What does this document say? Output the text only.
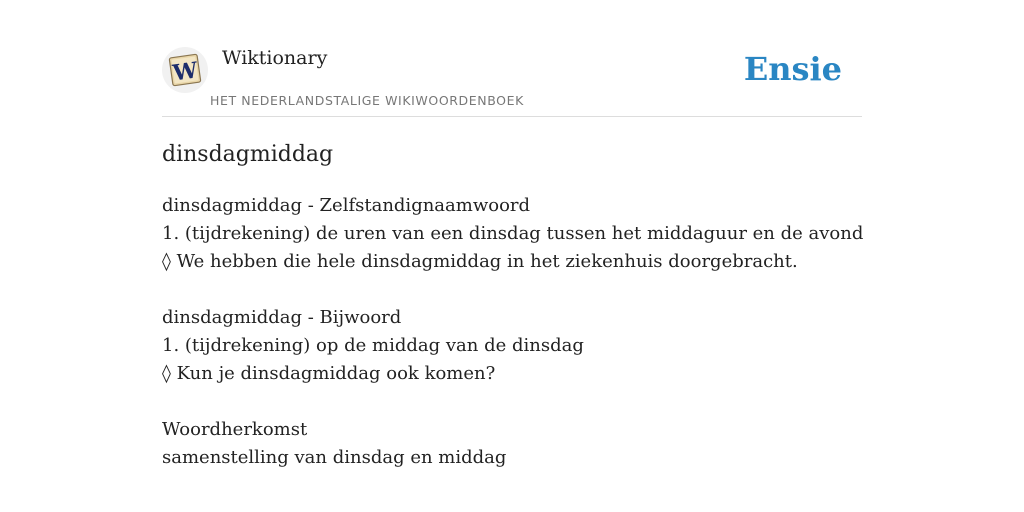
W Wiktionary
HET NEDERLANDSTALIGE WIKIWOORDENBOEK
Ensie
dinsdagmiddag
dinsdagmiddag - Zelfstandignaamwoord
1. (tijdrekening) de uren van een dinsdag tussen het middaguur en de avond
◊ We hebben die hele dinsdagmiddag in het ziekenhuis doorgebracht.
dinsdagmiddag - Bijwoord
1. (tijdrekening) op de middag van de dinsdag
◊ Kun je dinsdagmiddag ook komen?
Woordherkomst
samenstelling van dinsdag en middag
